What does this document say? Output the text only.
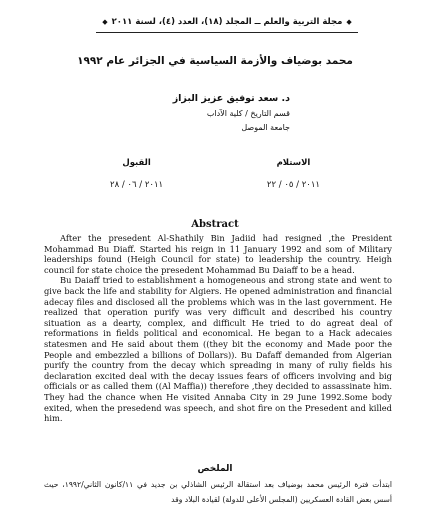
◆
مجلة التربية والعلم ــ المجلد (١٨)، العدد (٤)، لسنة ٢٠١١
◆
محمد بوضياف والأزمة السياسية في الجزائر عام ١٩٩٢
د. سعد توفيق عزيز البزاز
قسم التاريخ / كلية الآداب
جامعة الموصل
الاستلام
٢٠١١ / ٠٥ / ٢٢
القبول
٢٠١١ / ٠٦ / ٢٨
Abstract

After the presedent Al-Shathily Bin Jadiid had resigned ,the President Mohammad Bu Diaff. Started his reign in 11 January 1992 and som of Military leaderships found (Heigh Council for state) to leadership the country. Heigh council for state choice the presedent Mohammad Bu Daiaff to be a head.

Bu Daiaff tried to establishment a homogeneous and strong state and went to give back the life and stability for Algiers. He opened administration and financial adecay files and disclosed all the problems which was in the last government. He realized that operation purify was very difficult and described his country situation as a dearty, complex, and difficult He tried to do agreat deal of reformations in fields political and economical. He began to a Hack adecaies statesmen and He said about them ((they bit the economy and Made poor the People and embezzled a billions of Dollars)). Bu Dafaff demanded from Algerian purify the country from the decay which spreading in many of ruliy fields his declaration excited deal with the decay issues fears of officers involving and big officials or as called them ((Al Maffia)) therefore ,they decided to assassinate him. They had the chance when He visited Annaba City in 29 June 1992.Some body exited, when the presedend was speech, and shot fire on the Presedent and killed him.

الملخص
ابتدأت فترة الرئيس محمد بوضياف بعد استقالة الرئيس الشاذلي بن جديد في ١١/كانون الثاني/١٩٩٢، حيث أسس بعض القادة العسكريين (المجلس الأعلى للدولة) لقيادة البلاد وقد
